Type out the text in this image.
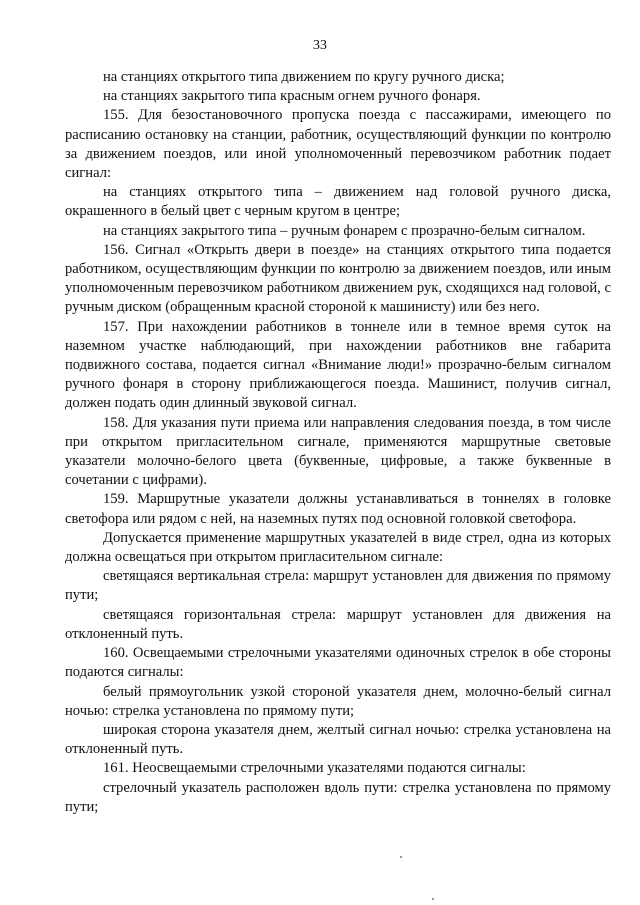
33

на станциях открытого типа движением по кругу ручного диска;

на станциях закрытого типа красным огнем ручного фонаря.

155. Для безостановочного пропуска поезда с пассажирами, имеющего по расписанию остановку на станции, работник, осуществляющий функции по контролю за движением поездов, или иной уполномоченный перевозчиком работник подает сигнал:

на станциях открытого типа – движением над головой ручного диска, окрашенного в белый цвет с черным кругом в центре;

на станциях закрытого типа – ручным фонарем с прозрачно-белым сигналом.

156. Сигнал «Открыть двери в поезде» на станциях открытого типа подается работником, осуществляющим функции по контролю за движением поездов, или иным уполномоченным перевозчиком работником движением рук, сходящихся над головой, с ручным диском (обращенным красной стороной к машинисту) или без него.

157. При нахождении работников в тоннеле или в темное время суток на наземном участке наблюдающий, при нахождении работников вне габарита подвижного состава, подается сигнал «Внимание люди!» прозрачно-белым сигналом ручного фонаря в сторону приближающегося поезда. Машинист, получив сигнал, должен подать один длинный звуковой сигнал.

158. Для указания пути приема или направления следования поезда, в том числе при открытом пригласительном сигнале, применяются маршрутные световые указатели молочно-белого цвета (буквенные, цифровые, а также буквенные в сочетании с цифрами).

159. Маршрутные указатели должны устанавливаться в тоннелях в головке светофора или рядом с ней, на наземных путях под основной головкой светофора.

Допускается применение маршрутных указателей в виде стрел, одна из которых должна освещаться при открытом пригласительном сигнале:

светящаяся вертикальная стрела: маршрут установлен для движения по прямому пути;

светящаяся горизонтальная стрела: маршрут установлен для движения на отклоненный путь.

160. Освещаемыми стрелочными указателями одиночных стрелок в обе стороны подаются сигналы:

белый прямоугольник узкой стороной указателя днем, молочно-белый сигнал ночью: стрелка установлена по прямому пути;

широкая сторона указателя днем, желтый сигнал ночью: стрелка установлена на отклоненный путь.

161. Неосвещаемыми стрелочными указателями подаются сигналы:

стрелочный указатель расположен вдоль пути: стрелка установлена по прямому пути;
